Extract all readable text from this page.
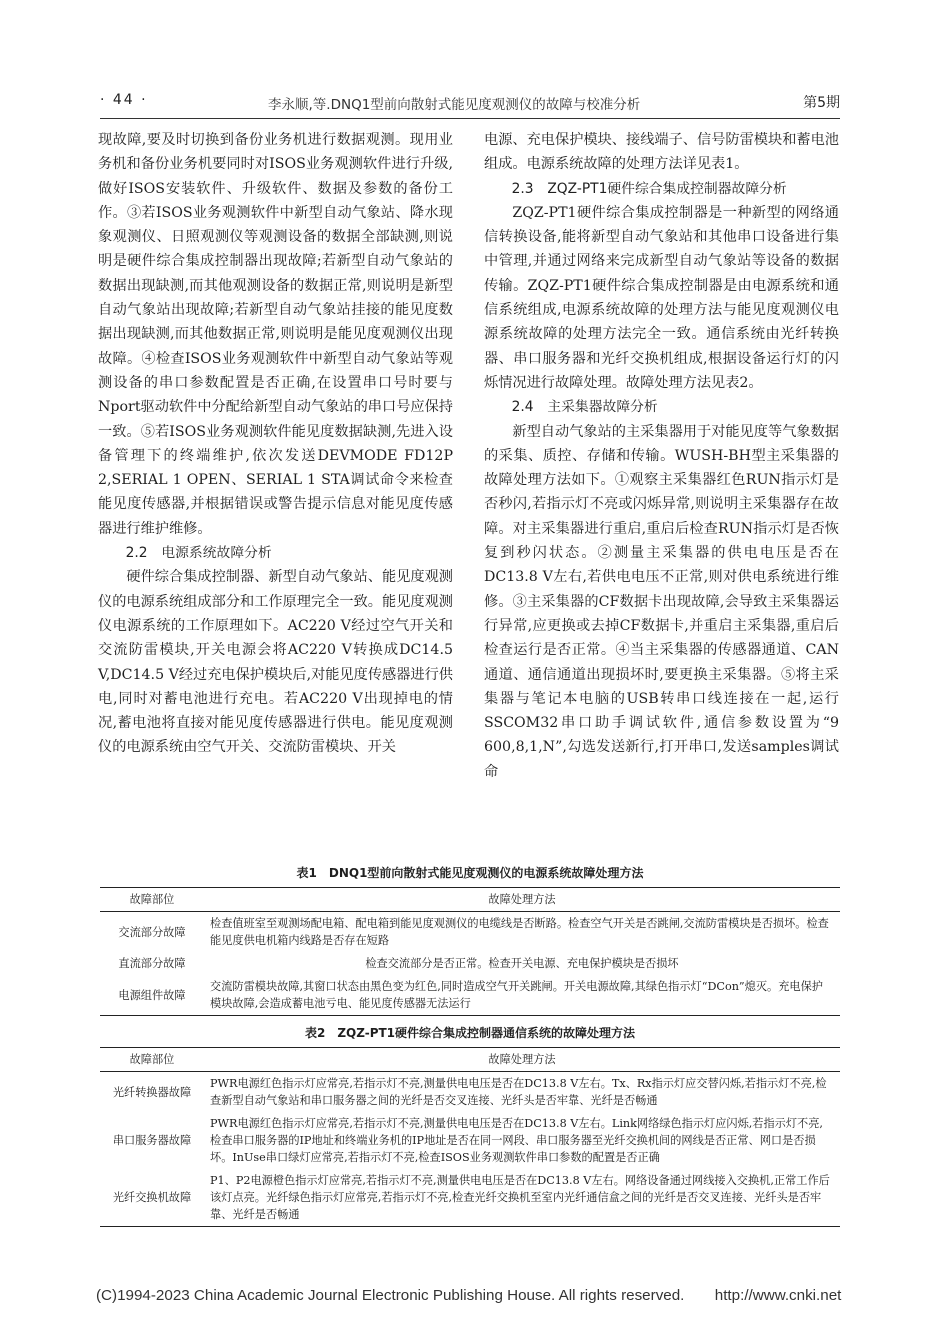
· 44 ·	李永顺,等.DNQ1型前向散射式能见度观测仪的故障与校准分析	第5期

现故障,要及时切换到备份业务机进行数据观测。现用业务机和备份业务机要同时对ISOS业务观测软件进行升级,做好ISOS安装软件、升级软件、数据及参数的备份工作。③若ISOS业务观测软件中新型自动气象站、降水现象观测仪、日照观测仪等观测设备的数据全部缺测,则说明是硬件综合集成控制器出现故障;若新型自动气象站的数据出现缺测,而其他观测设备的数据正常,则说明是新型自动气象站出现故障;若新型自动气象站挂接的能见度数据出现缺测,而其他数据正常,则说明是能见度观测仪出现故障。④检查ISOS业务观测软件中新型自动气象站等观测设备的串口参数配置是否正确,在设置串口号时要与Nport驱动软件中分配给新型自动气象站的串口号应保持一致。⑤若ISOS业务观测软件能见度数据缺测,先进入设备管理下的终端维护,依次发送DEVMODE FD12P 2,SERIAL 1 OPEN、SERIAL 1 STA调试命令来检查能见度传感器,并根据错误或警告提示信息对能见度传感器进行维护维修。

2.2　电源系统故障分析

硬件综合集成控制器、新型自动气象站、能见度观测仪的电源系统组成部分和工作原理完全一致。能见度观测仪电源系统的工作原理如下。AC220 V经过空气开关和交流防雷模块,开关电源会将AC220 V转换成DC14.5 V,DC14.5 V经过充电保护模块后,对能见度传感器进行供电,同时对蓄电池进行充电。若AC220 V出现掉电的情况,蓄电池将直接对能见度传感器进行供电。能见度观测仪的电源系统由空气开关、交流防雷模块、开关

电源、充电保护模块、接线端子、信号防雷模块和蓄电池组成。电源系统故障的处理方法详见表1。

2.3　ZQZ-PT1硬件综合集成控制器故障分析

ZQZ-PT1硬件综合集成控制器是一种新型的网络通信转换设备,能将新型自动气象站和其他串口设备进行集中管理,并通过网络来完成新型自动气象站等设备的数据传输。ZQZ-PT1硬件综合集成控制器是由电源系统和通信系统组成,电源系统故障的处理方法与能见度观测仪电源系统故障的处理方法完全一致。通信系统由光纤转换器、串口服务器和光纤交换机组成,根据设备运行灯的闪烁情况进行故障处理。故障处理方法见表2。

2.4　主采集器故障分析

新型自动气象站的主采集器用于对能见度等气象数据的采集、质控、存储和传输。WUSH-BH型主采集器的故障处理方法如下。①观察主采集器红色RUN指示灯是否秒闪,若指示灯不亮或闪烁异常,则说明主采集器存在故障。对主采集器进行重启,重启后检查RUN指示灯是否恢复到秒闪状态。②测量主采集器的供电电压是否在DC13.8 V左右,若供电电压不正常,则对供电系统进行维修。③主采集器的CF数据卡出现故障,会导致主采集器运行异常,应更换或去掉CF数据卡,并重启主采集器,重启后检查运行是否正常。④当主采集器的传感器通道、CAN通道、通信通道出现损坏时,要更换主采集器。⑤将主采集器与笔记本电脑的USB转串口线连接在一起,运行SSCOM32串口助手调试软件,通信参数设置为“9 600,8,1,N”,勾选发送新行,打开串口,发送samples调试命

表1　DNQ1型前向散射式能见度观测仪的电源系统故障处理方法
故障部位	故障处理方法
交流部分故障	检查值班室至观测场配电箱、配电箱到能见度观测仪的电缆线是否断路。检查空气开关是否跳闸,交流防雷模块是否损坏。检查能见度供电机箱内线路是否存在短路
直流部分故障	检查交流部分是否正常。检查开关电源、充电保护模块是否损坏
电源组件故障	交流防雷模块故障,其窗口状态由黑色变为红色,同时造成空气开关跳闸。开关电源故障,其绿色指示灯“DCon”熄灭。充电保护模块故障,会造成蓄电池亏电、能见度传感器无法运行
表2　ZQZ-PT1硬件综合集成控制器通信系统的故障处理方法
故障部位	故障处理方法
光纤转换器故障	PWR电源红色指示灯应常亮,若指示灯不亮,测量供电电压是否在DC13.8 V左右。Tx、Rx指示灯应交替闪烁,若指示灯不亮,检查新型自动气象站和串口服务器之间的光纤是否交叉连接、光纤头是否牢靠、光纤是否畅通
串口服务器故障	PWR电源红色指示灯应常亮,若指示灯不亮,测量供电电压是否在DC13.8 V左右。Link网络绿色指示灯应闪烁,若指示灯不亮,检查串口服务器的IP地址和终端业务机的IP地址是否在同一网段、串口服务器至光纤交换机间的网线是否正常、网口是否损坏。InUse串口绿灯应常亮,若指示灯不亮,检查ISOS业务观测软件串口参数的配置是否正确
光纤交换机故障	P1、P2电源橙色指示灯应常亮,若指示灯不亮,测量供电电压是否在DC13.8 V左右。网络设备通过网线接入交换机,正常工作后该灯点亮。光纤绿色指示灯应常亮,若指示灯不亮,检查光纤交换机至室内光纤通信盒之间的光纤是否交叉连接、光纤头是否牢靠、光纤是否畅通
(C)1994-2023 China Academic Journal Electronic Publishing House. All rights reserved.　　http://www.cnki.net
